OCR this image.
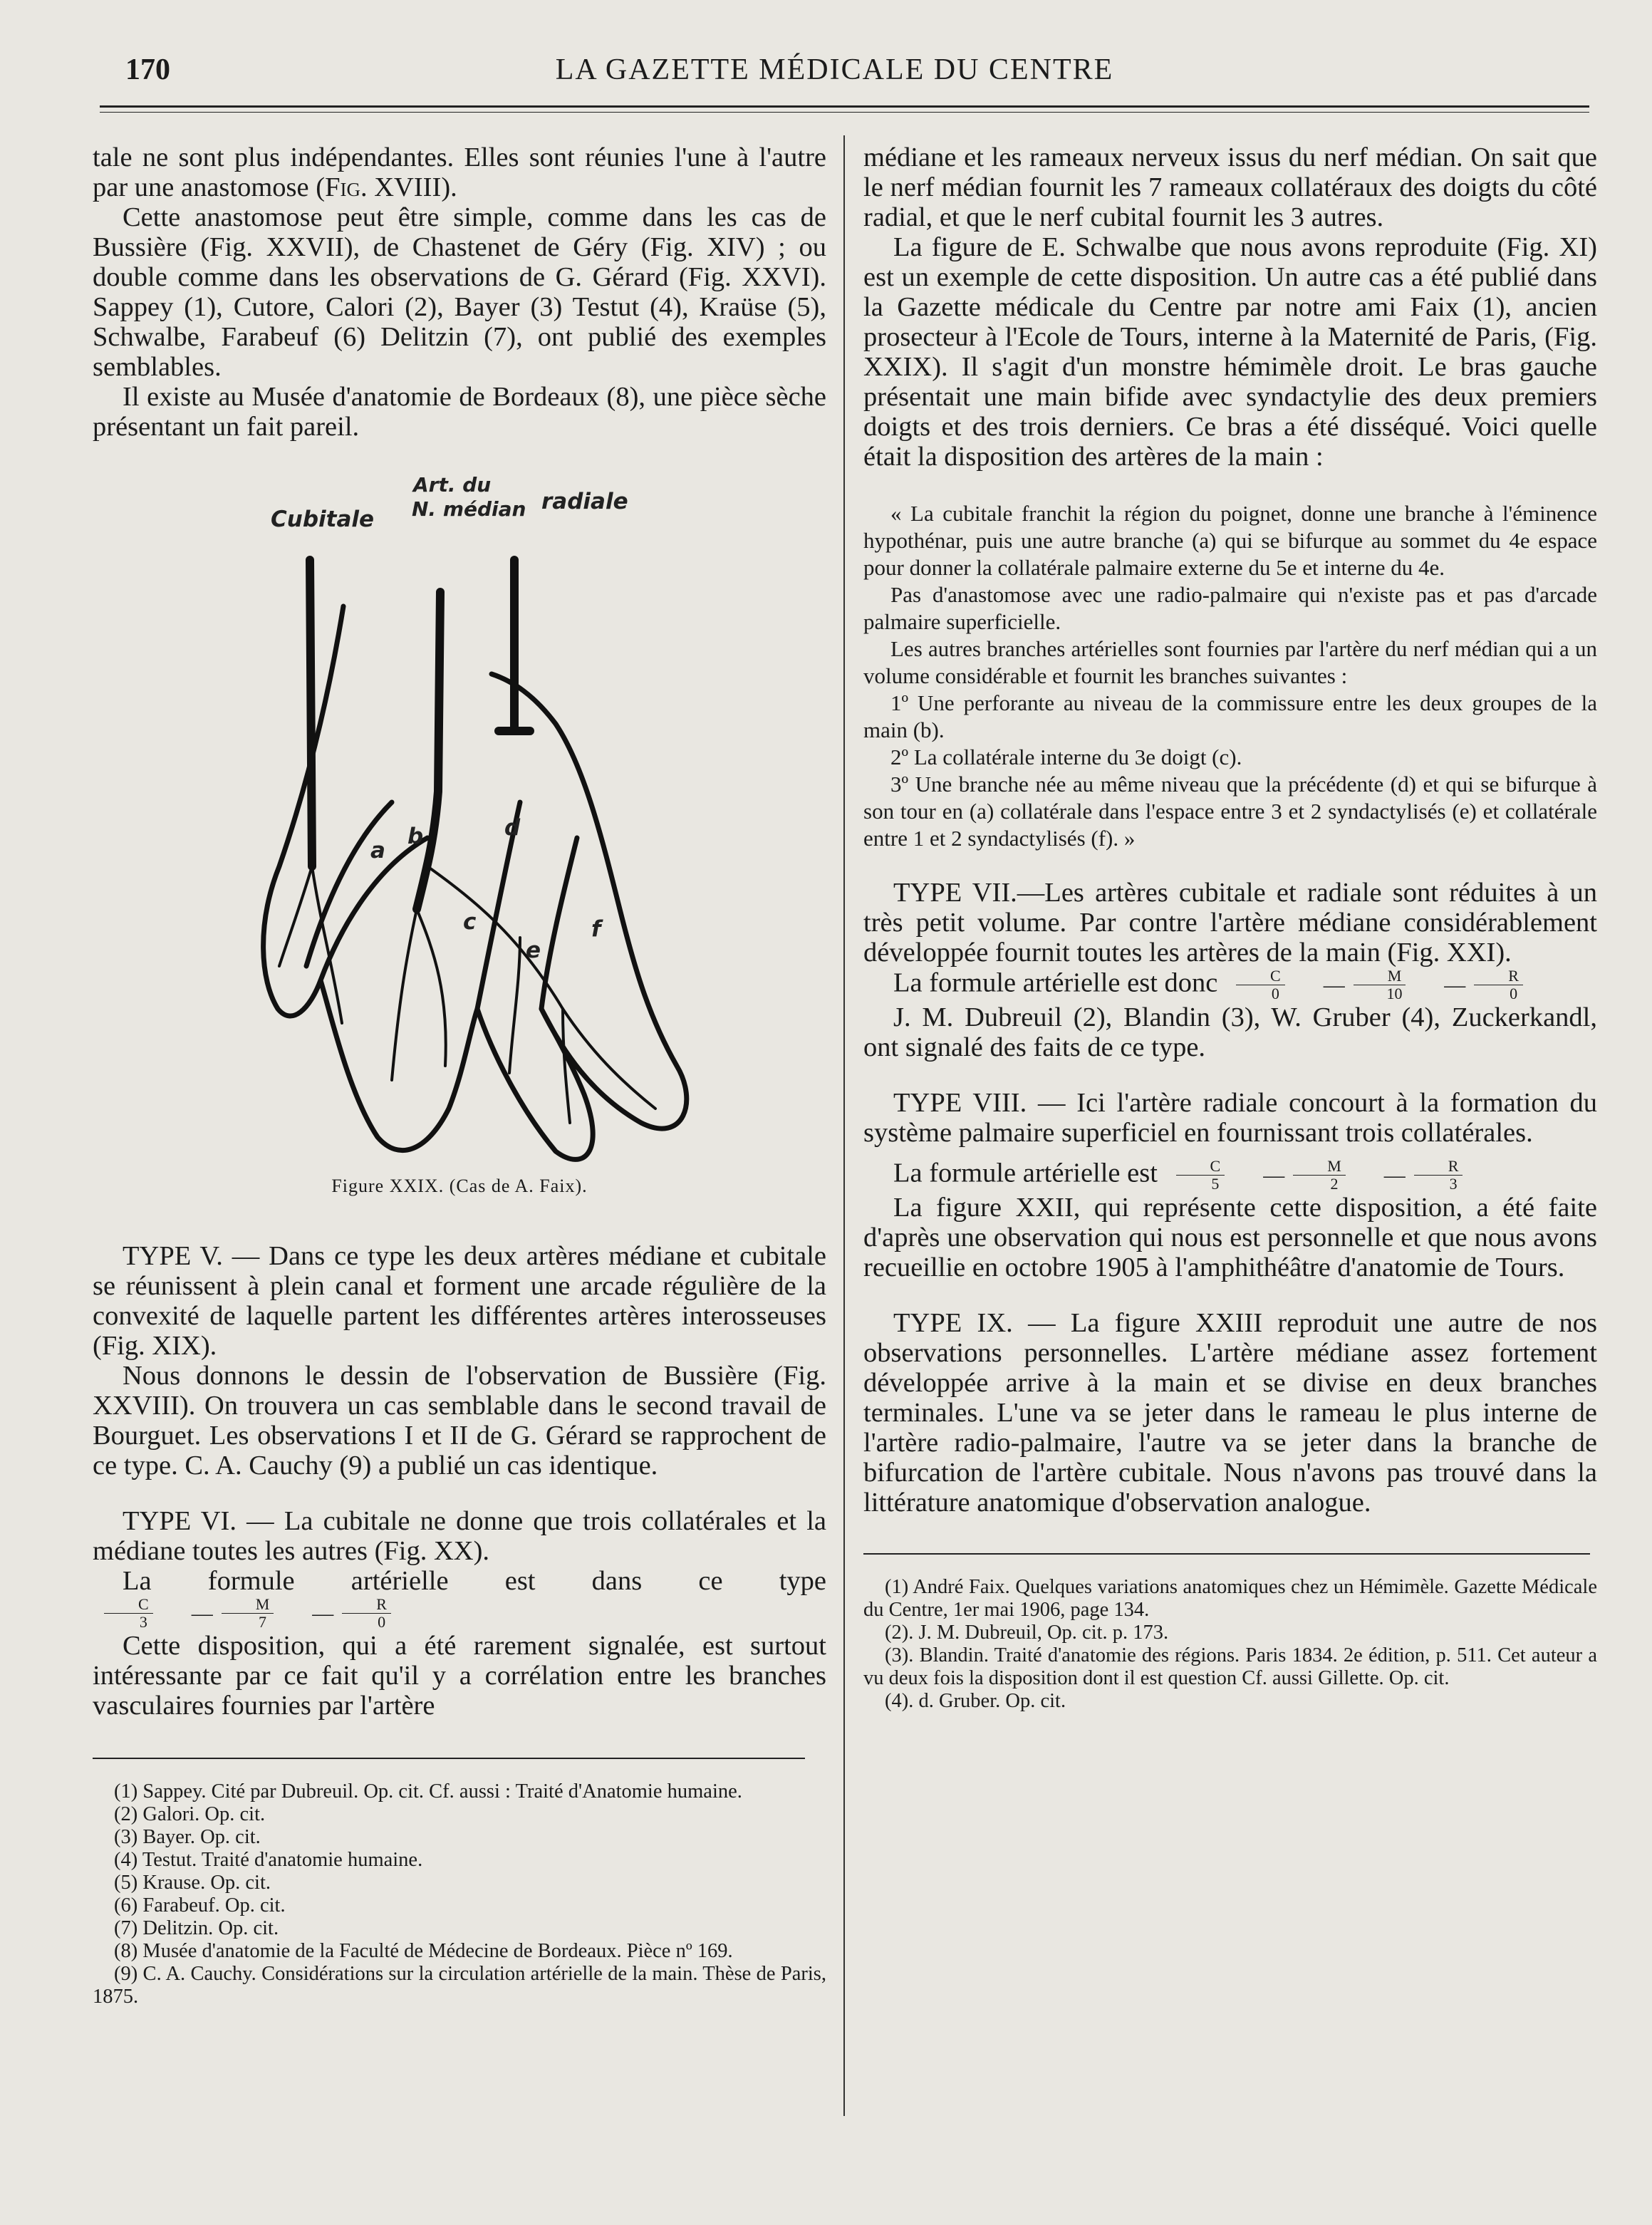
170	LA GAZETTE MÉDICALE DU CENTRE

tale ne sont plus indépendantes. Elles sont réunies l'une à l'autre par une anastomose (Fig. XVIII).

Cette anastomose peut être simple, comme dans les cas de Bussière (Fig. XXVII), de Chastenet de Géry (Fig. XIV) ; ou double comme dans les observations de G. Gérard (Fig. XXVI). Sappey (1), Cutore, Calori (2), Bayer (3) Testut (4), Kraüse (5), Schwalbe, Farabeuf (6) Delitzin (7), ont publié des exemples semblables.

Il existe au Musée d'anatomie de Bordeaux (8), une pièce sèche présentant un fait pareil.

Cubitale
Art. du
N. médian radiale
a
b
c
d
e
f

Figure XXIX. (Cas de A. Faix).

TYPE V. — Dans ce type les deux artères médiane et cubitale se réunissent à plein canal et forment une arcade régulière de la convexité de laquelle partent les différentes artères interosseuses (Fig. XIX).

Nous donnons le dessin de l'observation de Bussière (Fig. XXVIII). On trouvera un cas semblable dans le second travail de Bourguet. Les observations I et II de G. Gérard se rapprochent de ce type. C. A. Cauchy (9) a publié un cas identique.

TYPE VI. — La cubitale ne donne que trois collatérales et la médiane toutes les autres (Fig. XX).

La formule artérielle est dans ce type
$\frac{C}{3}$	— $\frac{M}{7}$	— $\frac{R}{0}$

Cette disposition, qui a été rarement signalée, est surtout intéressante par ce fait qu'il y a corrélation entre les branches vasculaires fournies par l'artère

(1) Sappey. Cité par Dubreuil. Op. cit. Cf. aussi : Traité d'Anatomie humaine.

(2) Galori. Op. cit.

(3) Bayer. Op. cit.

(4) Testut. Traité d'anatomie humaine.

(5) Krause. Op. cit.

(6) Farabeuf. Op. cit.

(7) Delitzin. Op. cit.

(8) Musée d'anatomie de la Faculté de Médecine de Bordeaux. Pièce nº 169.

(9) C. A. Cauchy. Considérations sur la circulation artérielle de la main. Thèse de Paris, 1875.

médiane et les rameaux nerveux issus du nerf médian. On sait que le nerf médian fournit les 7 rameaux collatéraux des doigts du côté radial, et que le nerf cubital fournit les 3 autres.

La figure de E. Schwalbe que nous avons reproduite (Fig. XI) est un exemple de cette disposition. Un autre cas a été publié dans la Gazette médicale du Centre par notre ami Faix (1), ancien prosecteur à l'Ecole de Tours, interne à la Maternité de Paris, (Fig. XXIX). Il s'agit d'un monstre hémimèle droit. Le bras gauche présentait une main bifide avec syndactylie des deux premiers doigts et des trois derniers. Ce bras a été disséqué. Voici quelle était la disposition des artères de la main :

« La cubitale franchit la région du poignet, donne une branche à l'éminence hypothénar, puis une autre branche (a) qui se bifurque au sommet du 4e espace pour donner la collatérale palmaire externe du 5e et interne du 4e.

Pas d'anastomose avec une radio-palmaire qui n'existe pas et pas d'arcade palmaire superficielle.

Les autres branches artérielles sont fournies par l'artère du nerf médian qui a un volume considérable et fournit les branches suivantes :

1º Une perforante au niveau de la commissure entre les deux groupes de la main (b).

2º La collatérale interne du 3e doigt (c).

3º Une branche née au même niveau que la précédente (d) et qui se bifurque à son tour en (a) collatérale dans l'espace entre 3 et 2 syndactylisés (e) et collatérale entre 1 et 2 syndactylisés (f). »

TYPE VII.—Les artères cubitale et radiale sont réduites à un très petit volume. Par contre l'artère médiane considérablement développée fournit toutes les artères de la main (Fig. XXI).

La formule artérielle est donc $\frac{C}{0}$	— $\frac{M}{10}$	— $\frac{R}{0}$

J. M. Dubreuil (2), Blandin (3), W. Gruber (4), Zuckerkandl, ont signalé des faits de ce type.

TYPE VIII. — Ici l'artère radiale concourt à la formation du système palmaire superficiel en fournissant trois collatérales.

La formule artérielle est $\frac{C}{5}$	— $\frac{M}{2}$	— $\frac{R}{3}$

La figure XXII, qui représente cette disposition, a été faite d'après une observation qui nous est personnelle et que nous avons recueillie en octobre 1905 à l'amphithéâtre d'anatomie de Tours.

TYPE IX. — La figure XXIII reproduit une autre de nos observations personnelles. L'artère médiane assez fortement développée arrive à la main et se divise en deux branches terminales. L'une va se jeter dans le rameau le plus interne de l'artère radio-palmaire, l'autre va se jeter dans la branche de bifurcation de l'artère cubitale. Nous n'avons pas trouvé dans la littérature anatomique d'observation analogue.

(1) André Faix. Quelques variations anatomiques chez un Hémimèle. Gazette Médicale du Centre, 1er mai 1906, page 134.

(2). J. M. Dubreuil, Op. cit. p. 173.

(3). Blandin. Traité d'anatomie des régions. Paris 1834. 2e édition, p. 511. Cet auteur a vu deux fois la disposition dont il est question Cf. aussi Gillette. Op. cit.

(4). d. Gruber. Op. cit.
